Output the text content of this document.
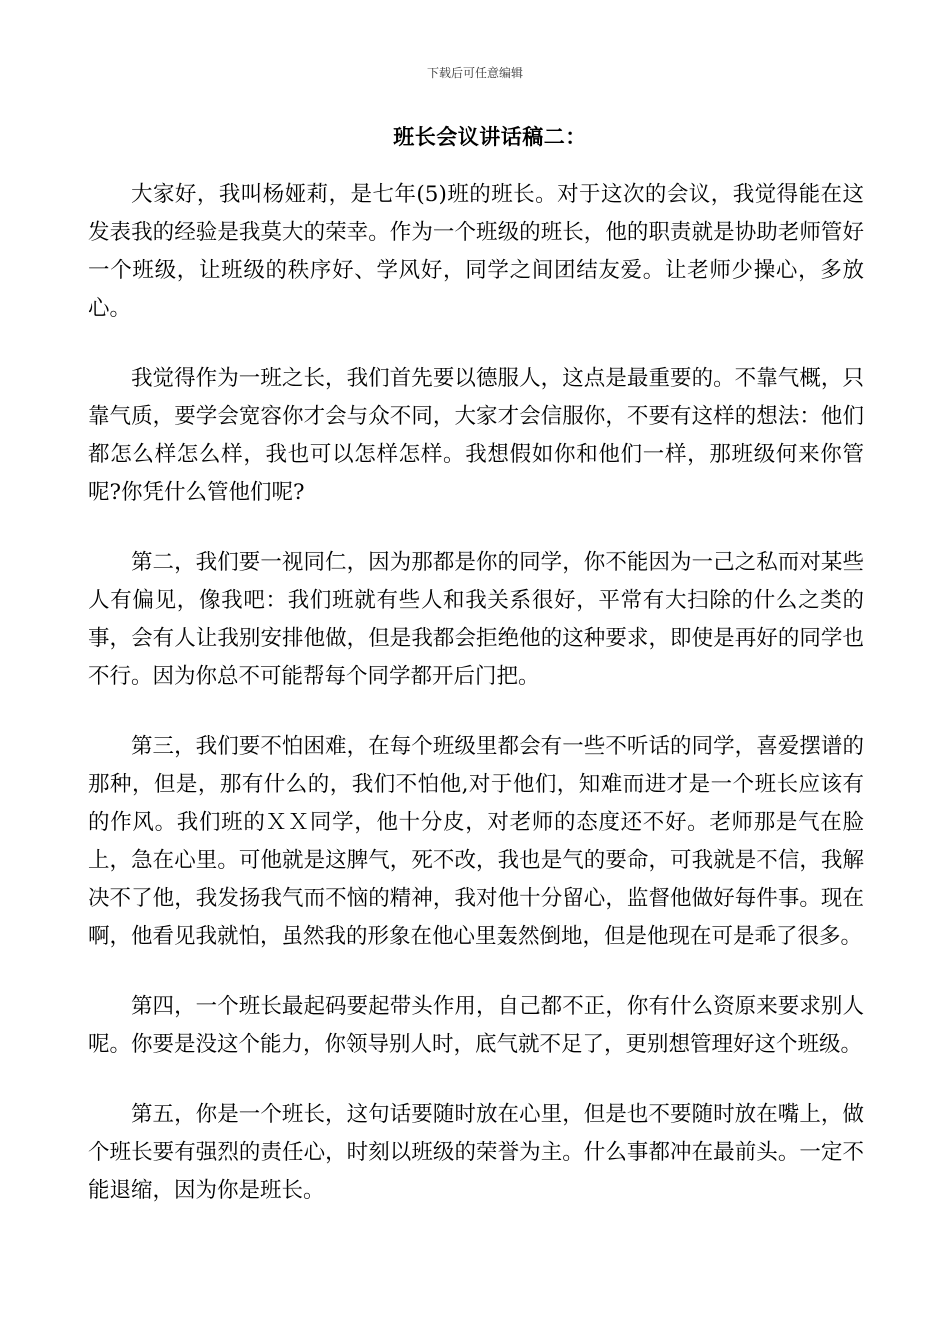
下载后可任意编辑
班长会议讲话稿二：

大家好，我叫杨娅莉，是七年(5)班的班长。对于这次的会议，我觉得能在这发表我的经验是我莫大的荣幸。作为一个班级的班长，他的职责就是协助老师管好一个班级，让班级的秩序好、学风好，同学之间团结友爱。让老师少操心，多放心。

我觉得作为一班之长，我们首先要以德服人，这点是最重要的。不靠气概，只靠气质，要学会宽容你才会与众不同，大家才会信服你，不要有这样的想法：他们都怎么样怎么样，我也可以怎样怎样。我想假如你和他们一样，那班级何来你管呢?你凭什么管他们呢?

第二，我们要一视同仁，因为那都是你的同学，你不能因为一己之私而对某些人有偏见，像我吧：我们班就有些人和我关系很好，平常有大扫除的什么之类的事，会有人让我别安排他做，但是我都会拒绝他的这种要求，即使是再好的同学也不行。因为你总不可能帮每个同学都开后门把。

第三，我们要不怕困难，在每个班级里都会有一些不听话的同学，喜爱摆谱的那种，但是，那有什么的，我们不怕他,对于他们，知难而进才是一个班长应该有的作风。我们班的ＸＸ同学，他十分皮，对老师的态度还不好。老师那是气在脸上，急在心里。可他就是这脾气，死不改，我也是气的要命，可我就是不信，我解决不了他，我发扬我气而不恼的精神，我对他十分留心，监督他做好每件事。现在啊，他看见我就怕，虽然我的形象在他心里轰然倒地，但是他现在可是乖了很多。

第四，一个班长最起码要起带头作用，自己都不正，你有什么资原来要求别人呢。你要是没这个能力，你领导别人时，底气就不足了，更别想管理好这个班级。

第五，你是一个班长，这句话要随时放在心里，但是也不要随时放在嘴上，做个班长要有强烈的责任心，时刻以班级的荣誉为主。什么事都冲在最前头。一定不能退缩，因为你是班长。
